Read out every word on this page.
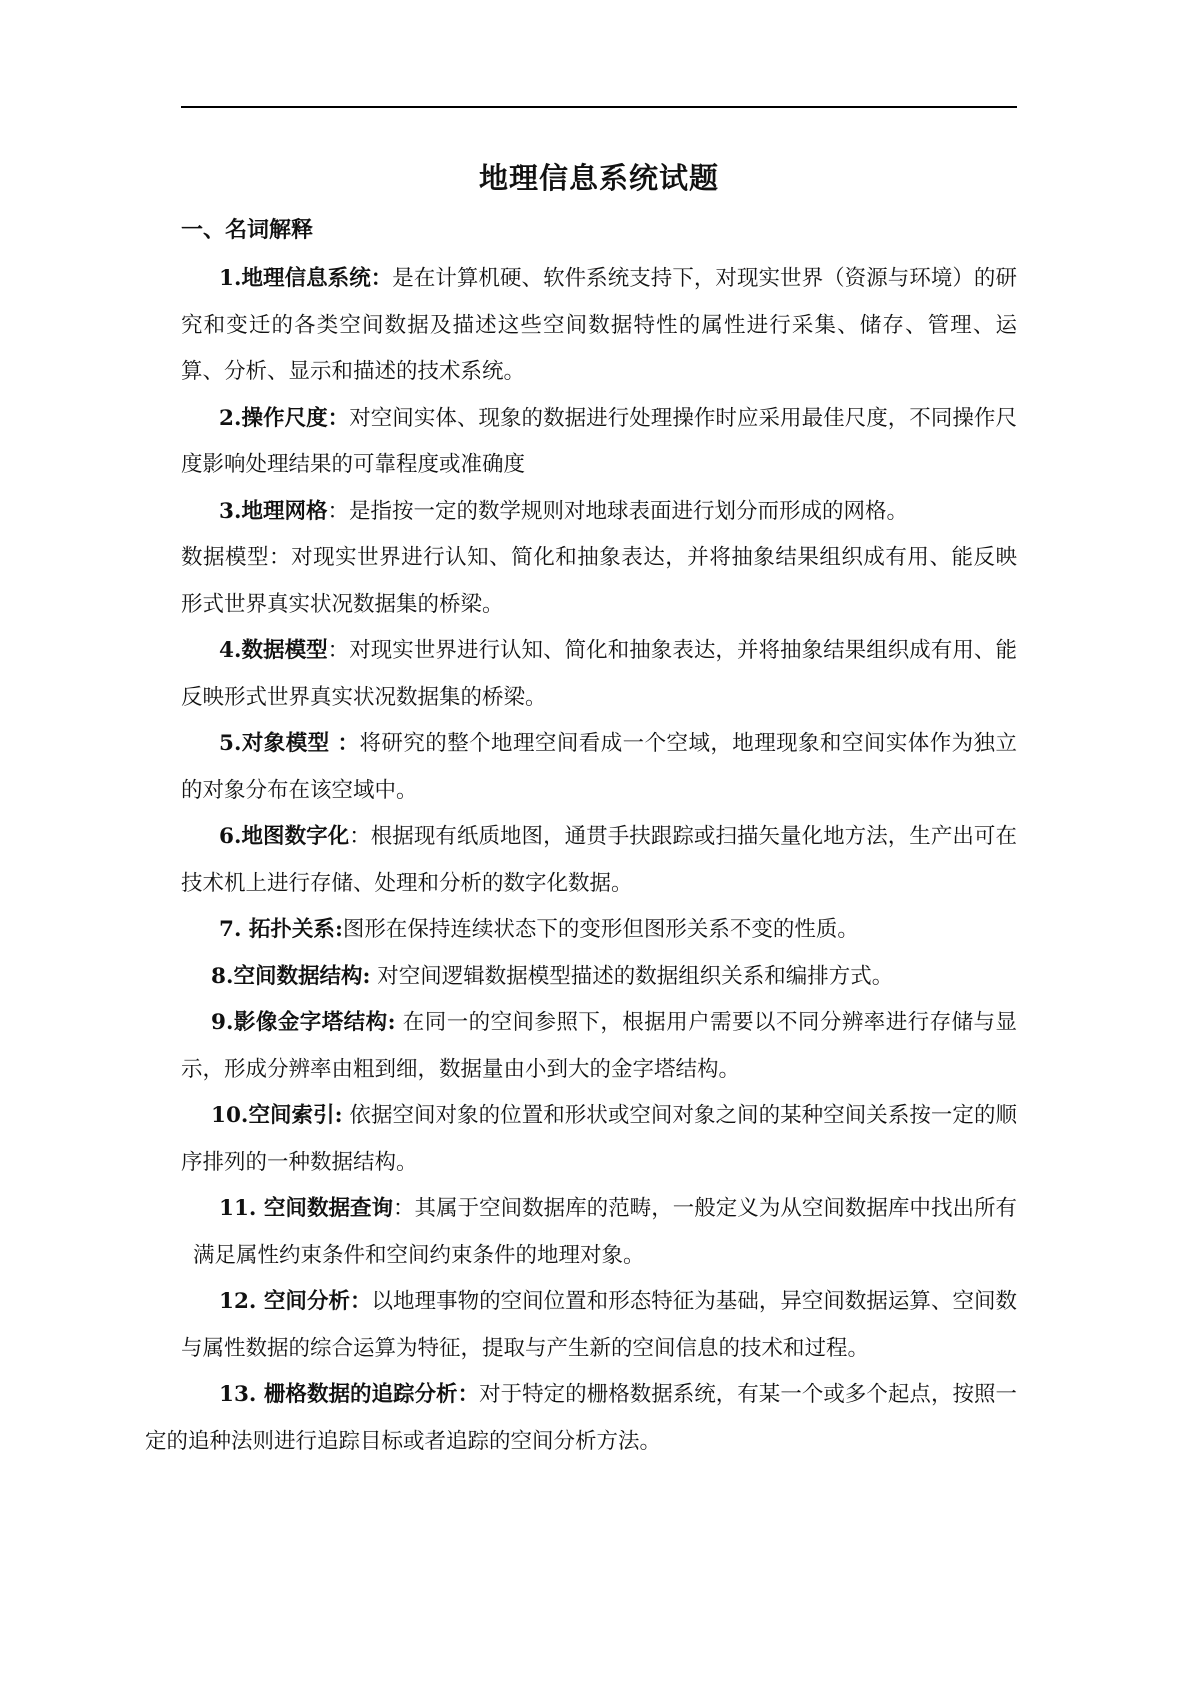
地理信息系统试题
一、名词解释

1.地理信息系统：是在计算机硬、软件系统支持下，对现实世界（资源与环境）的研究和变迁的各类空间数据及描述这些空间数据特性的属性进行采集、储存、管理、运算、分析、显示和描述的技术系统。

2.操作尺度：对空间实体、现象的数据进行处理操作时应采用最佳尺度，不同操作尺度影响处理结果的可靠程度或准确度

3.地理网格：是指按一定的数学规则对地球表面进行划分而形成的网格。

数据模型：对现实世界进行认知、简化和抽象表达，并将抽象结果组织成有用、能反映形式世界真实状况数据集的桥梁。

4.数据模型：对现实世界进行认知、简化和抽象表达，并将抽象结果组织成有用、能反映形式世界真实状况数据集的桥梁。

5.对象模型 ：将研究的整个地理空间看成一个空域，地理现象和空间实体作为独立的对象分布在该空域中。

6.地图数字化：根据现有纸质地图，通贯手扶跟踪或扫描矢量化地方法，生产出可在技术机上进行存储、处理和分析的数字化数据。

7. 拓扑关系:图形在保持连续状态下的变形但图形关系不变的性质。

8.空间数据结构: 对空间逻辑数据模型描述的数据组织关系和编排方式。

9.影像金字塔结构: 在同一的空间参照下，根据用户需要以不同分辨率进行存储与显示，形成分辨率由粗到细，数据量由小到大的金字塔结构。

10.空间索引: 依据空间对象的位置和形状或空间对象之间的某种空间关系按一定的顺序排列的一种数据结构。

11. 空间数据查询：其属于空间数据库的范畴，一般定义为从空间数据库中找出所有满足属性约束条件和空间约束条件的地理对象。

12. 空间分析：以地理事物的空间位置和形态特征为基础，异空间数据运算、空间数与属性数据的综合运算为特征，提取与产生新的空间信息的技术和过程。

13. 栅格数据的追踪分析：对于特定的栅格数据系统，有某一个或多个起点，按照一定的追种法则进行追踪目标或者追踪的空间分析方法。
